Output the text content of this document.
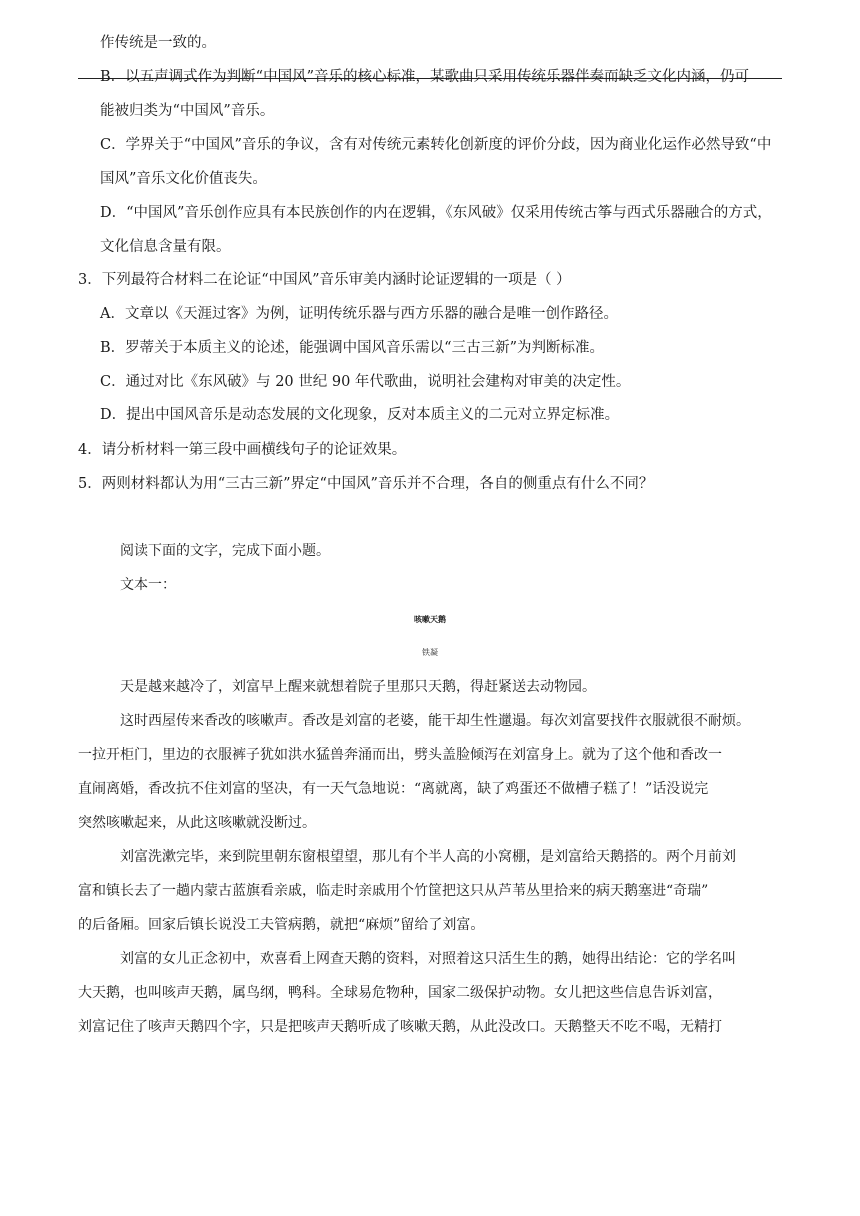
作传统是一致的。
B．以五声调式作为判断“中国风”音乐的核心标准，某歌曲只采用传统乐器伴奏而缺乏文化内涵，仍可
能被归类为“中国风”音乐。
C．学界关于“中国风”音乐的争议，含有对传统元素转化创新度的评价分歧，因为商业化运作必然导致“中
国风”音乐文化价值丧失。
D．“中国风”音乐创作应具有本民族创作的内在逻辑，《东风破》仅采用传统古筝与西式乐器融合的方式，
文化信息含量有限。
3．下列最符合材料二在论证“中国风”音乐审美内涵时论证逻辑的一项是（ ）
A．文章以《天涯过客》为例，证明传统乐器与西方乐器的融合是唯一创作路径。
B．罗蒂关于本质主义的论述，能强调中国风音乐需以“三古三新”为判断标准。
C．通过对比《东风破》与 20 世纪 90 年代歌曲，说明社会建构对审美的决定性。
D．提出中国风音乐是动态发展的文化现象，反对本质主义的二元对立界定标准。
4．请分析材料一第三段中画横线句子的论证效果。
5．两则材料都认为用“三古三新”界定“中国风”音乐并不合理，各自的侧重点有什么不同？
阅读下面的文字，完成下面小题。
文本一：
咳嗽天鹅
铁凝
天是越来越冷了，刘富早上醒来就想着院子里那只天鹅，得赶紧送去动物园。
这时西屋传来香改的咳嗽声。香改是刘富的老婆，能干却生性邋遢。每次刘富要找件衣服就很不耐烦。
一拉开柜门，里边的衣服裤子犹如洪水猛兽奔涌而出，劈头盖脸倾泻在刘富身上。就为了这个他和香改一
直闹离婚，香改抗不住刘富的坚决，有一天气急地说：“离就离，缺了鸡蛋还不做槽子糕了！”话没说完
突然咳嗽起来，从此这咳嗽就没断过。
刘富洗漱完毕，来到院里朝东窗根望望，那儿有个半人高的小窝棚，是刘富给天鹅搭的。两个月前刘
富和镇长去了一趟内蒙古蓝旗看亲戚，临走时亲戚用个竹筐把这只从芦苇丛里拾来的病天鹅塞进“奇瑞”
的后备厢。回家后镇长说没工夫管病鹅，就把“麻烦”留给了刘富。
刘富的女儿正念初中，欢喜看上网查天鹅的资料，对照着这只活生生的鹅，她得出结论：它的学名叫
大天鹅，也叫咳声天鹅，属鸟纲，鸭科。全球易危物种，国家二级保护动物。女儿把这些信息告诉刘富，
刘富记住了咳声天鹅四个字，只是把咳声天鹅听成了咳嗽天鹅，从此没改口。天鹅整天不吃不喝，无精打
